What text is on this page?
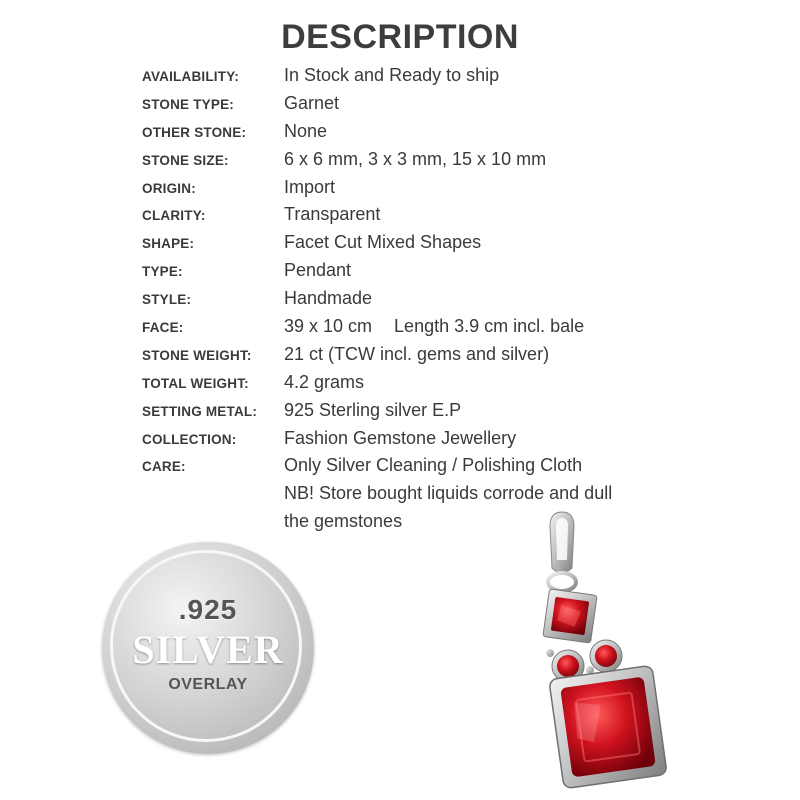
DESCRIPTION
AVAILABILITY: In Stock and Ready to ship
STONE TYPE:	Garnet
OTHER STONE: None
STONE SIZE:	6 x 6 mm, 3 x 3 mm, 15 x 10 mm
ORIGIN:	Import
CLARITY:	Transparent
SHAPE:	Facet Cut Mixed Shapes
TYPE:	Pendant
STYLE:	Handmade
FACE:	39 x 10 cm Length 3.9 cm incl. bale
STONE WEIGHT: 21 ct (TCW incl. gems and silver)
TOTAL WEIGHT: 4.2 grams
SETTING METAL: 925 Sterling silver E.P
COLLECTION:	Fashion Gemstone Jewellery
CARE:	Only Silver Cleaning / Polishing Cloth
NB! Store bought liquids corrode and dull
the gemstones
.925
SILVER
OVERLAY
